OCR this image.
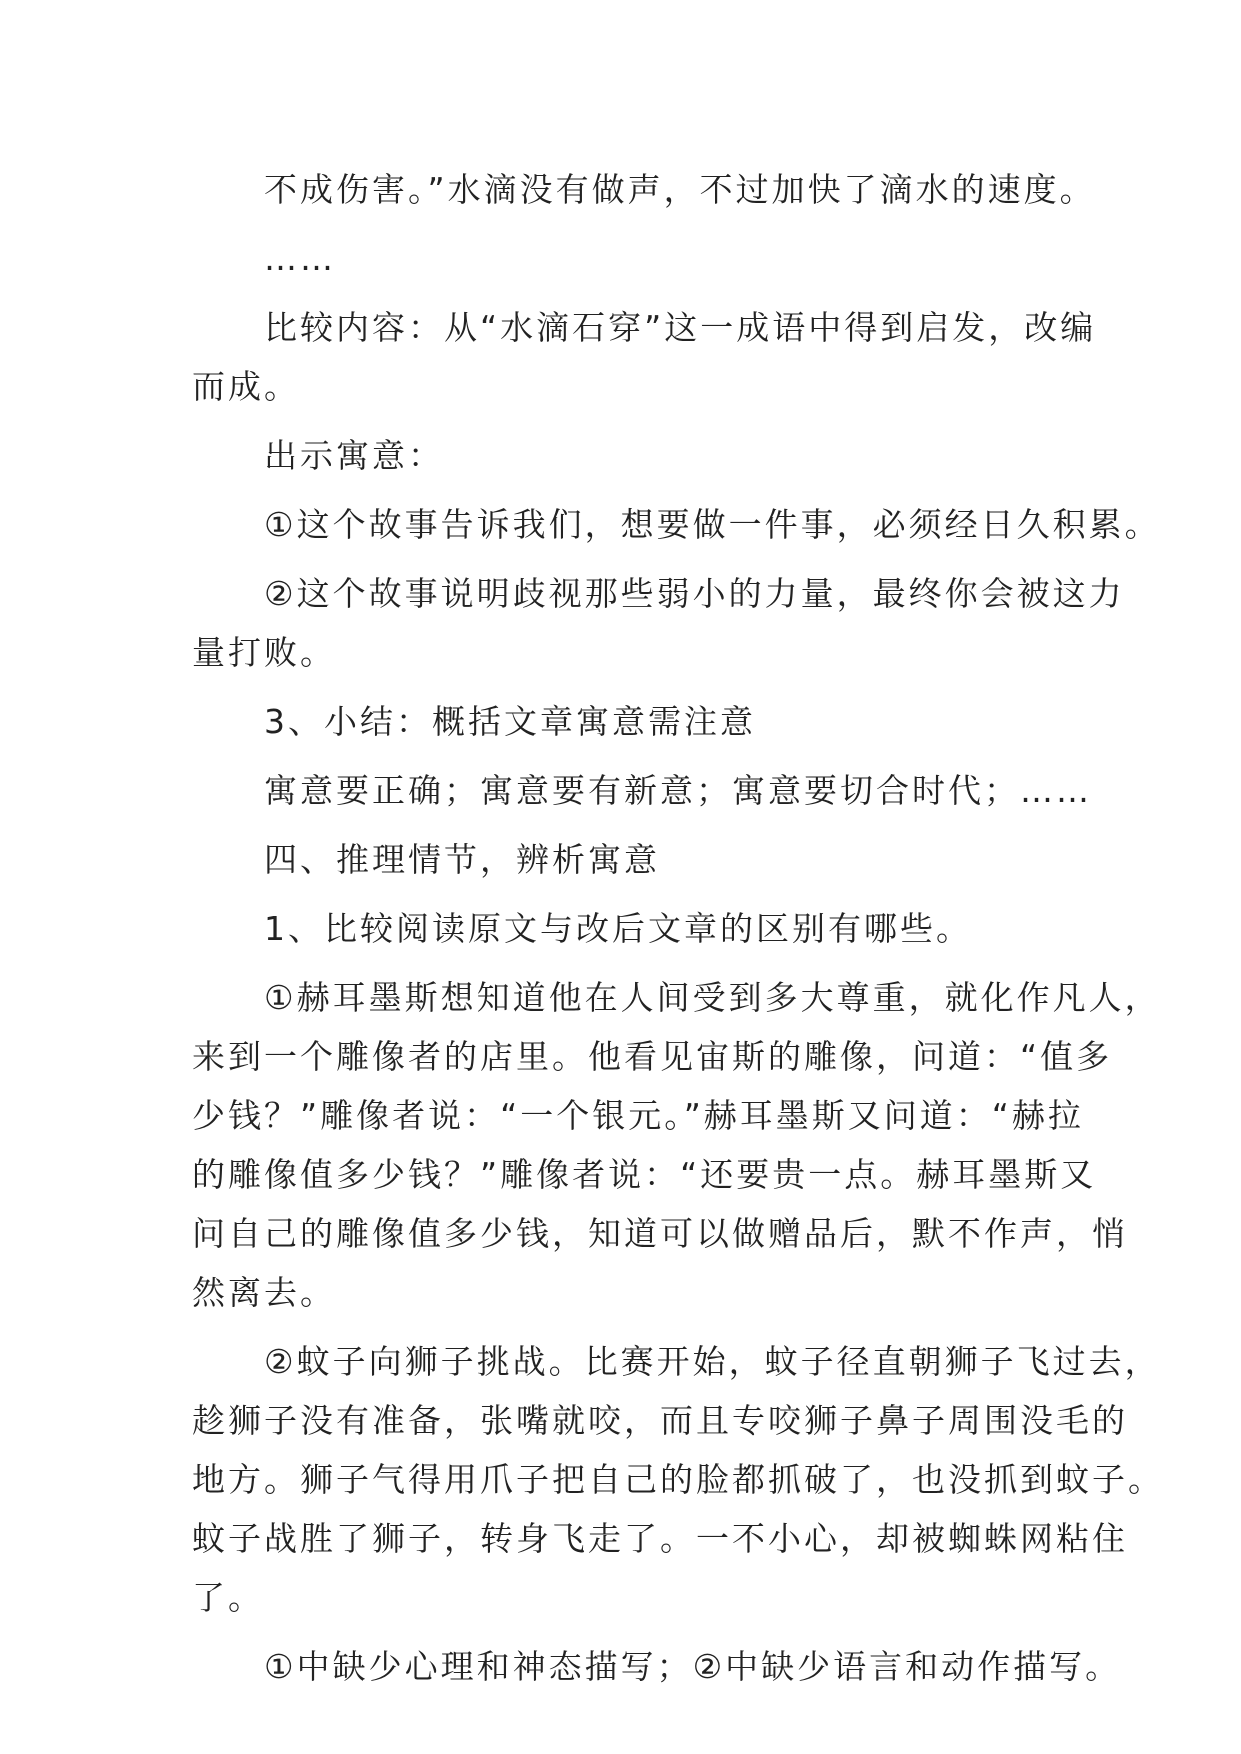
　　不成伤害。”水滴没有做声，不过加快了滴水的速度。
　　……
　　比较内容：从“水滴石穿”这一成语中得到启发，改编
而成。
　　出示寓意：
　　①这个故事告诉我们，想要做一件事，必须经日久积累。
　　②这个故事说明歧视那些弱小的力量，最终你会被这力
量打败。
　　3、小结：概括文章寓意需注意
　　寓意要正确；寓意要有新意；寓意要切合时代；……
　　四、推理情节，辨析寓意
　　1、比较阅读原文与改后文章的区别有哪些。
　　①赫耳墨斯想知道他在人间受到多大尊重，就化作凡人，
来到一个雕像者的店里。他看见宙斯的雕像，问道：“值多
少钱？”雕像者说：“一个银元。”赫耳墨斯又问道：“赫拉
的雕像值多少钱？”雕像者说：“还要贵一点。赫耳墨斯又
问自己的雕像值多少钱，知道可以做赠品后，默不作声，悄
然离去。
　　②蚊子向狮子挑战。比赛开始，蚊子径直朝狮子飞过去，
趁狮子没有准备，张嘴就咬，而且专咬狮子鼻子周围没毛的
地方。狮子气得用爪子把自己的脸都抓破了，也没抓到蚊子。
蚊子战胜了狮子，转身飞走了。一不小心，却被蜘蛛网粘住
了。
　　①中缺少心理和神态描写；②中缺少语言和动作描写。
